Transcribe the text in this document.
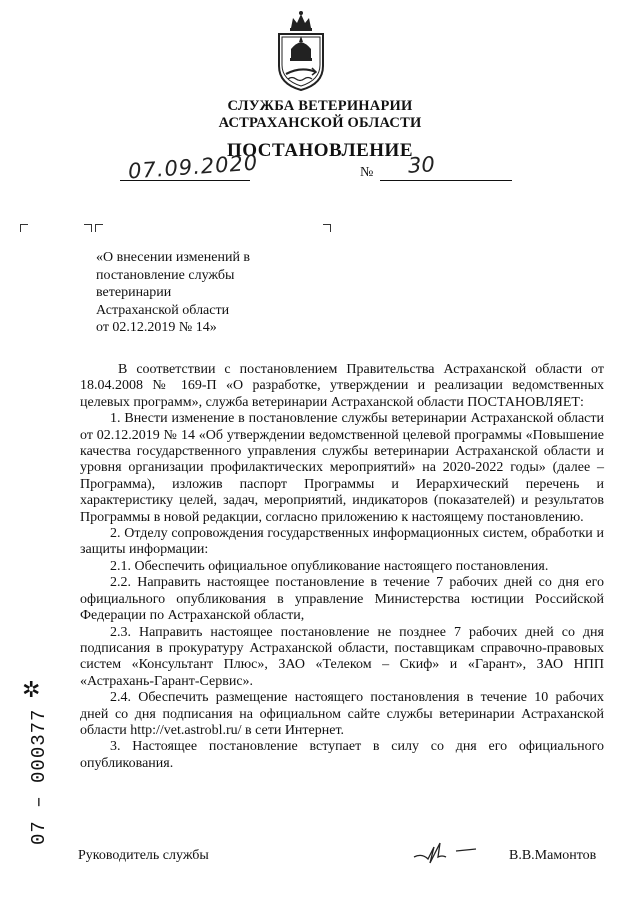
СЛУЖБА ВЕТЕРИНАРИИ
АСТРАХАНСКОЙ ОБЛАСТИ
ПОСТАНОВЛЕНИЕ
07.09.2020	№ 30
«О внесении изменений в
постановление службы
ветеринарии
Астраханской области
от 02.12.2019 № 14»

В соответствии с постановлением Правительства Астраханской области от 18.04.2008 № 169-П «О разработке, утверждении и реализации ведомственных целевых программ», служба ветеринарии Астраханской области ПОСТАНОВЛЯЕТ:

1. Внести изменение в постановление службы ветеринарии Астраханской области от 02.12.2019 № 14 «Об утверждении ведомственной целевой программы «Повышение качества государственного управления службы ветеринарии Астраханской области и уровня организации профилактических мероприятий» на 2020-2022 годы» (далее – Программа), изложив паспорт Программы и Иерархический перечень и характеристику целей, задач, мероприятий, индикаторов (показателей) и результатов Программы в новой редакции, согласно приложению к настоящему постановлению.

2. Отделу сопровождения государственных информационных систем, обработки и защиты информации:

2.1. Обеспечить официальное опубликование настоящего постановления.

2.2. Направить настоящее постановление в течение 7 рабочих дней со дня его официального опубликования в управление Министерства юстиции Российской Федерации по Астраханской области,

2.3. Направить настоящее постановление не позднее 7 рабочих дней со дня подписания в прокуратуру Астраханской области, поставщикам справочно-правовых систем «Консультант Плюс», ЗАО «Телеком – Скиф» и «Гарант», ЗАО НПП «Астрахань-Гарант-Сервис».

2.4. Обеспечить размещение настоящего постановления в течение 10 рабочих дней со дня подписания на официальном сайте службы ветеринарии Астраханской области http://vet.astrobl.ru/ в сети Интернет.

3. Настоящее постановление вступает в силу со дня его официального опубликования.

Руководитель службы	В.В.Мамонтов
✲
07 – 000377
